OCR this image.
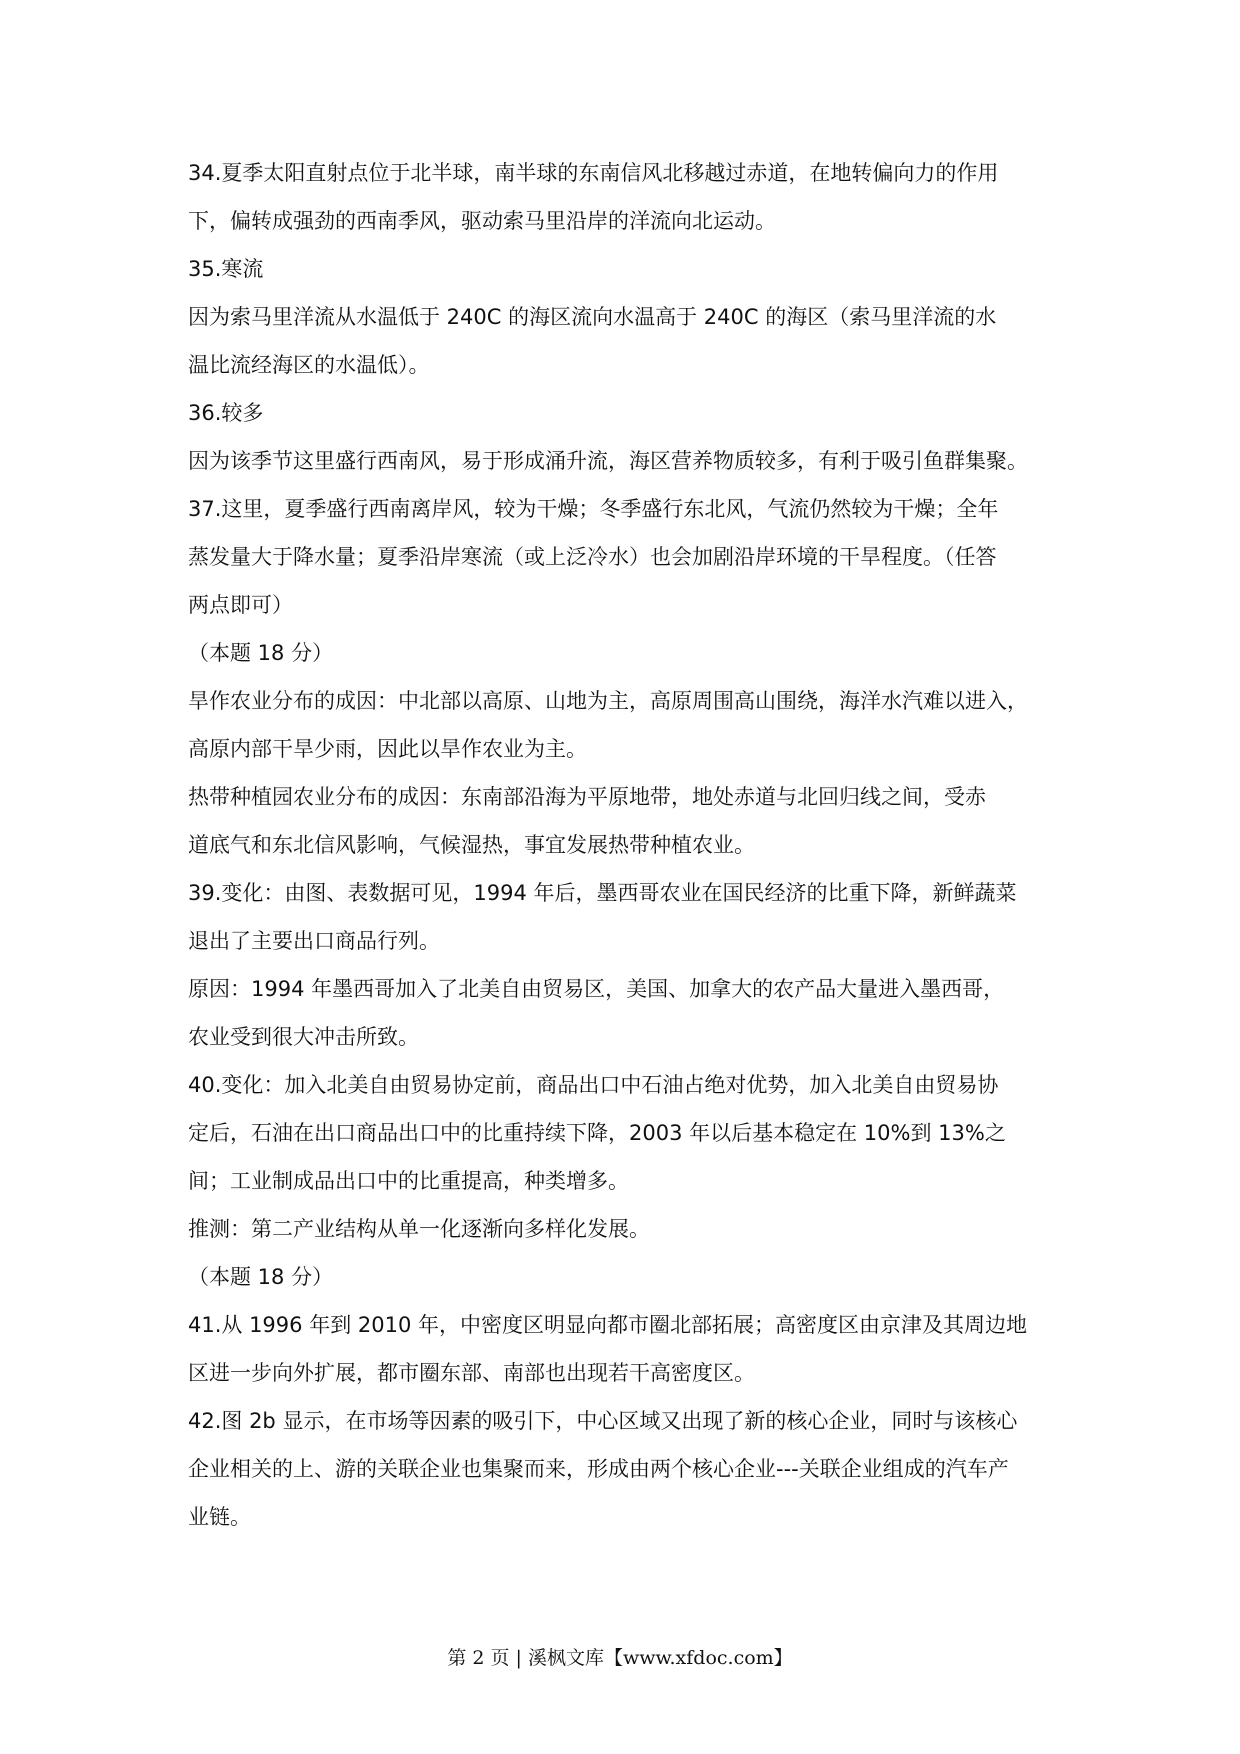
34.夏季太阳直射点位于北半球，南半球的东南信风北移越过赤道，在地转偏向力的作用
下，偏转成强劲的西南季风，驱动索马里沿岸的洋流向北运动。
35.寒流
因为索马里洋流从水温低于 240C 的海区流向水温高于 240C 的海区（索马里洋流的水
温比流经海区的水温低）。
36.较多
因为该季节这里盛行西南风，易于形成涌升流，海区营养物质较多，有利于吸引鱼群集聚。
37.这里，夏季盛行西南离岸风，较为干燥；冬季盛行东北风，气流仍然较为干燥；全年
蒸发量大于降水量；夏季沿岸寒流（或上泛冷水）也会加剧沿岸环境的干旱程度。（任答
两点即可）
（本题 18 分）
旱作农业分布的成因：中北部以高原、山地为主，高原周围高山围绕，海洋水汽难以进入，
高原内部干旱少雨，因此以旱作农业为主。
热带种植园农业分布的成因：东南部沿海为平原地带，地处赤道与北回归线之间，受赤
道底气和东北信风影响，气候湿热，事宜发展热带种植农业。
39.变化：由图、表数据可见，1994 年后，墨西哥农业在国民经济的比重下降，新鲜蔬菜
退出了主要出口商品行列。
原因：1994 年墨西哥加入了北美自由贸易区，美国、加拿大的农产品大量进入墨西哥，
农业受到很大冲击所致。
40.变化：加入北美自由贸易协定前，商品出口中石油占绝对优势，加入北美自由贸易协
定后，石油在出口商品出口中的比重持续下降，2003 年以后基本稳定在 10%到 13%之
间；工业制成品出口中的比重提高，种类增多。
推测：第二产业结构从单一化逐渐向多样化发展。
（本题 18 分）
41.从 1996 年到 2010 年，中密度区明显向都市圈北部拓展；高密度区由京津及其周边地
区进一步向外扩展，都市圈东部、南部也出现若干高密度区。
42.图 2b 显示，在市场等因素的吸引下，中心区域又出现了新的核心企业，同时与该核心
企业相关的上、游的关联企业也集聚而来，形成由两个核心企业---关联企业组成的汽车产
业链。
第 2 页 | 溪枫文库【www.xfdoc.com】
